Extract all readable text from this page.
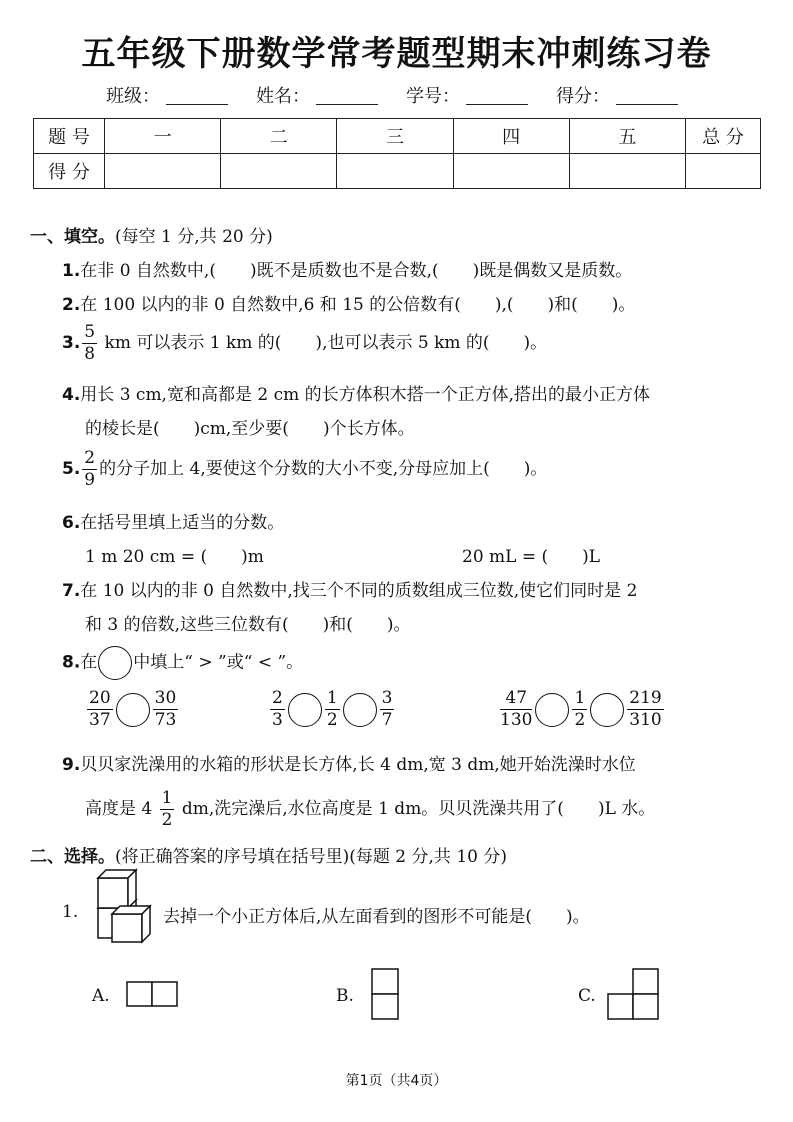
五年级下册数学常考题型期末冲刺练习卷
班级：	姓名：	学号：	得分：
题 号	一	二	三	四	五	总 分
得 分						
一、填空。(每空 1 分,共 20 分)
1.在非 0 自然数中,(　　)既不是质数也不是合数,(　　)既是偶数又是质数。
2.在 100 以内的非 0 自然数中,6 和 15 的公倍数有(　　),(　　)和(　　)。
3. $\frac{5}{8}$ km 可以表示 1 km 的(　　),也可以表示 5 km 的(　　)。
4.用长 3 cm,宽和高都是 2 cm 的长方体积木搭一个正方体,搭出的最小正方体
的棱长是(　　)cm,至少要(　　)个长方体。
5. $\frac{2}{9}$ 的分子加上 4,要使这个分数的大小不变,分母应加上(　　)。
6.在括号里填上适当的分数。
1 m 20 cm = (　　)m	20 mL = (　　)L
7.在 10 以内的非 0 自然数中,找三个不同的质数组成三位数,使它们同时是 2
和 3 的倍数,这些三位数有(　　)和(　　)。
8.在 中填上“ > ”或“ < ”。
$\frac{20}{37} \frac{30}{73}$	$\frac{2}{3} \frac{1}{2} \frac{3}{7}$	$\frac{47}{130} \frac{1}{2} \frac{219}{310}$
9.贝贝家洗澡用的水箱的形状是长方体,长 4 dm,宽 3 dm,她开始洗澡时水位
高度是 $4 \frac{1}{2}$ dm,洗完澡后,水位高度是 1 dm。贝贝洗澡共用了(　　)L 水。
二、选择。(将正确答案的序号填在括号里)(每题 2 分,共 10 分)
1.	去掉一个小正方体后,从左面看到的图形不可能是(　　)。
A.	B.	C.
第1页（共4页）
